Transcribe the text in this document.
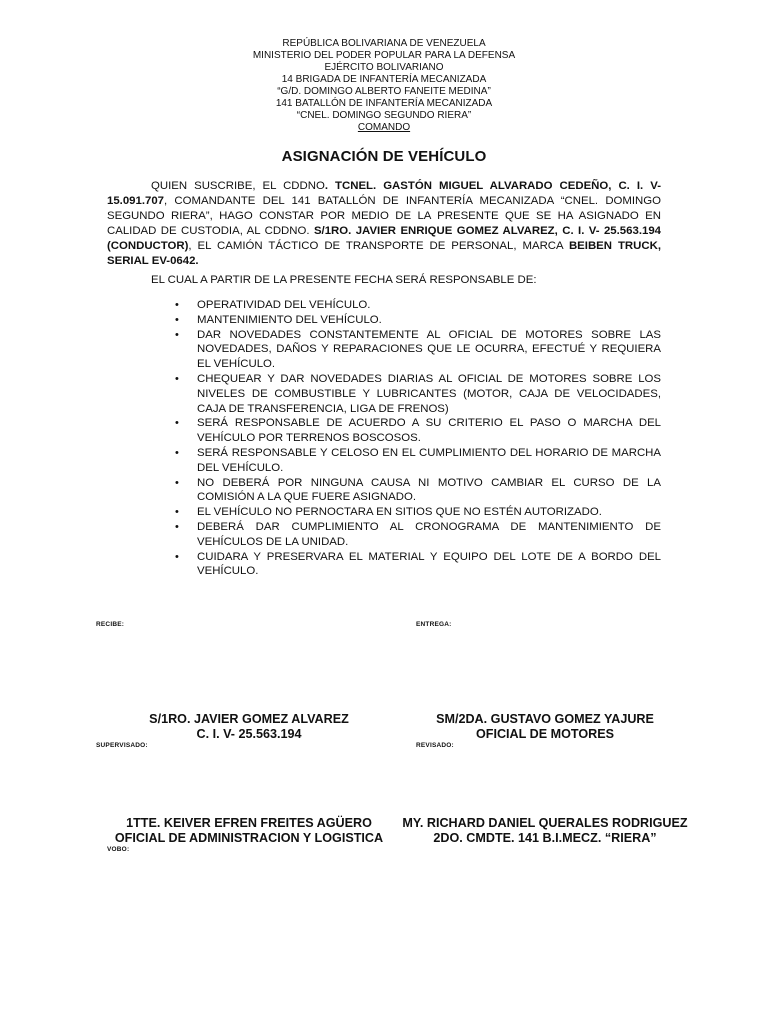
REPÚBLICA BOLIVARIANA DE VENEZUELA
MINISTERIO DEL PODER POPULAR PARA LA DEFENSA
EJÉRCITO BOLIVARIANO
14 BRIGADA DE INFANTERÍA MECANIZADA
“G/D. DOMINGO ALBERTO FANEITE MEDINA”
141 BATALLÓN DE INFANTERÍA MECANIZADA
“CNEL. DOMINGO SEGUNDO RIERA”
COMANDO
ASIGNACIÓN DE VEHÍCULO
QUIEN SUSCRIBE, EL CDDNO. TCNEL. GASTÓN MIGUEL ALVARADO CEDEÑO, C. I. V-15.091.707, COMANDANTE DEL 141 BATALLÓN DE INFANTERÍA MECANIZADA “CNEL. DOMINGO SEGUNDO RIERA”, HAGO CONSTAR POR MEDIO DE LA PRESENTE QUE SE HA ASIGNADO EN CALIDAD DE CUSTODIA, AL CDDNO. S/1RO. JAVIER ENRIQUE GOMEZ ALVAREZ, C. I. V- 25.563.194 (CONDUCTOR), EL CAMIÓN TÁCTICO DE TRANSPORTE DE PERSONAL, MARCA BEIBEN TRUCK, SERIAL EV-0642.
EL CUAL A PARTIR DE LA PRESENTE FECHA SERÁ RESPONSABLE DE:
• OPERATIVIDAD DEL VEHÍCULO.
• MANTENIMIENTO DEL VEHÍCULO.
• DAR NOVEDADES CONSTANTEMENTE AL OFICIAL DE MOTORES SOBRE LAS NOVEDADES, DAÑOS Y REPARACIONES QUE LE OCURRA, EFECTUÉ Y REQUIERA EL VEHÍCULO.
• CHEQUEAR Y DAR NOVEDADES DIARIAS AL OFICIAL DE MOTORES SOBRE LOS NIVELES DE COMBUSTIBLE Y LUBRICANTES (MOTOR, CAJA DE VELOCIDADES, CAJA DE TRANSFERENCIA, LIGA DE FRENOS)
• SERÁ RESPONSABLE DE ACUERDO A SU CRITERIO EL PASO O MARCHA DEL VEHÍCULO POR TERRENOS BOSCOSOS.
• SERÁ RESPONSABLE Y CELOSO EN EL CUMPLIMIENTO DEL HORARIO DE MARCHA DEL VEHÍCULO.
• NO DEBERÁ POR NINGUNA CAUSA NI MOTIVO CAMBIAR EL CURSO DE LA COMISIÓN A LA QUE FUERE ASIGNADO.
• EL VEHÍCULO NO PERNOCTARA EN SITIOS QUE NO ESTÉN AUTORIZADO.
• DEBERÁ DAR CUMPLIMIENTO AL CRONOGRAMA DE MANTENIMIENTO DE VEHÍCULOS DE LA UNIDAD.
• CUIDARA Y PRESERVARA EL MATERIAL Y EQUIPO DEL LOTE DE A BORDO DEL VEHÍCULO.
RECIBE:	ENTREGA:
S/1RO. JAVIER GOMEZ ALVAREZ
C. I. V- 25.563.194
SM/2DA. GUSTAVO GOMEZ YAJURE
OFICIAL DE MOTORES
SUPERVISADO:	REVISADO:
1TTE. KEIVER EFREN FREITES AGÜERO
OFICIAL DE ADMINISTRACION Y LOGISTICA
MY. RICHARD DANIEL QUERALES RODRIGUEZ
2DO. CMDTE. 141 B.I.MECZ. “RIERA”
VOBO:
